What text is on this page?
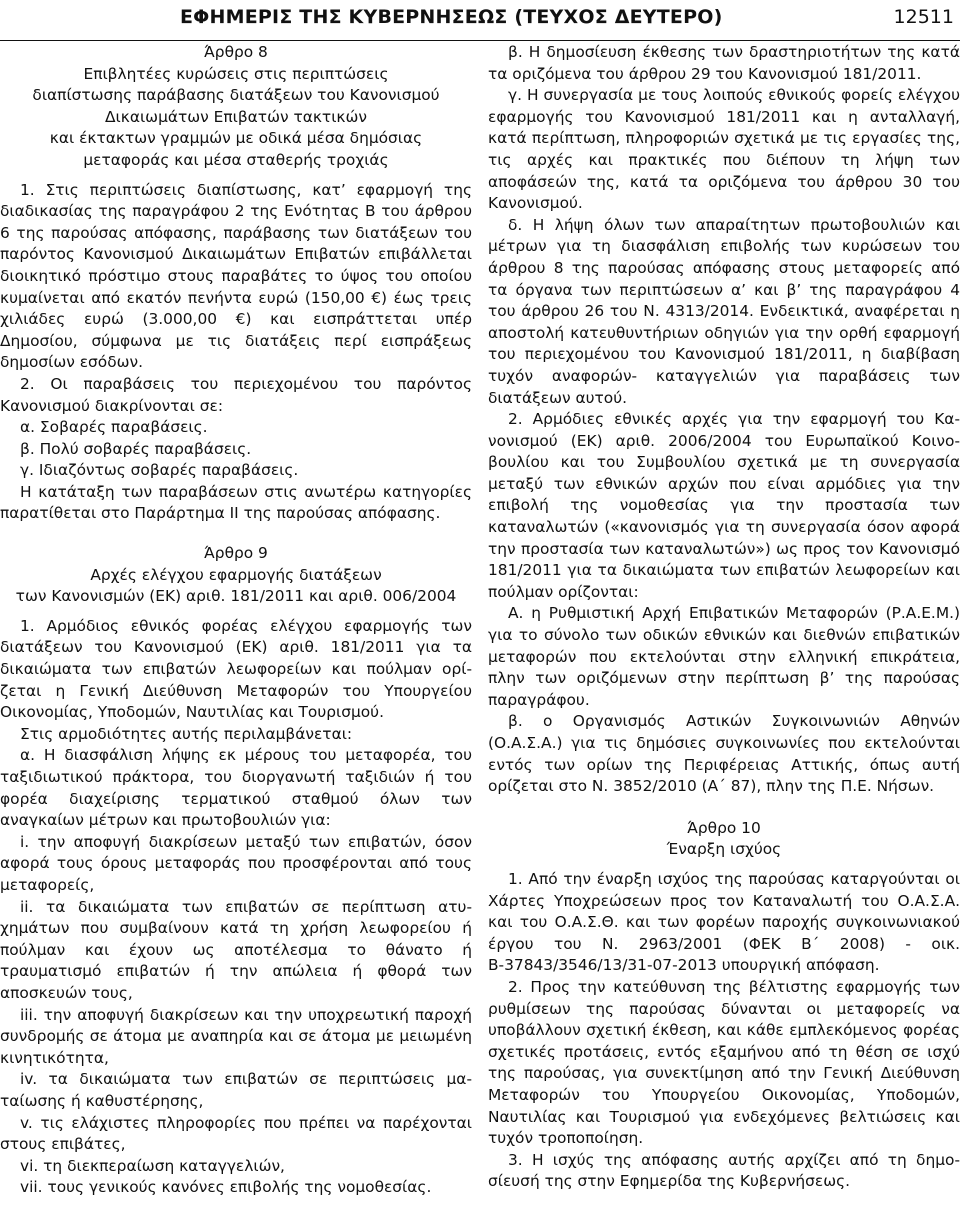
ΕΦΗΜΕΡΙΣ ΤΗΣ ΚΥΒΕΡΝΗΣΕΩΣ (ΤΕΥΧΟΣ ΔΕΥΤΕΡΟ)	12511

Άρθρο 8

Επιβλητέες κυρώσεις στις περιπτώσεις

διαπίστωσης παράβασης διατάξεων του Κανονισμού

Δικαιωμάτων Επιβατών τακτικών

και έκτακτων γραμμών με οδικά μέσα δημόσιας

μεταφοράς και μέσα σταθερής τροχιάς

1. Στις περιπτώσεις διαπίστωσης, κατ’ εφαρμογή της διαδικασίας της παραγράφου 2 της Ενότητας Β του άρθρου 6 της παρούσας απόφασης, παράβασης των διατάξεων του παρόντος Κανονισμού Δικαιωμάτων Επιβατών επιβάλλεται διοικητικό πρόστιμο στους παραβάτες το ύψος του οποίου κυμαίνεται από εκατόν πενήντα ευρώ (150,00 €) έως τρεις χιλιάδες ευρώ (3.000,00 €) και εισπράττεται υπέρ Δημοσίου, σύμφωνα με τις διατάξεις περί εισπράξεως δημοσίων εσόδων.

2. Οι παραβάσεις του περιεχομένου του παρόντος Κανονισμού διακρίνονται σε:

α. Σοβαρές παραβάσεις.

β. Πολύ σοβαρές παραβάσεις.

γ. Ιδιαζόντως σοβαρές παραβάσεις.

Η κατάταξη των παραβάσεων στις ανωτέρω κατηγορίες παρατίθεται στο Παράρτημα ΙΙ της παρούσας απόφασης.

Άρθρο 9

Αρχές ελέγχου εφαρμογής διατάξεων

των Κανονισμών (ΕΚ) αριθ. 181/2011 και αριθ. 006/2004

1. Αρμόδιος εθνικός φορέας ελέγχου εφαρμογής των διατάξεων του Κανονισμού (ΕΚ) αριθ. 181/2011 για τα δικαιώματα των επιβατών λεωφορείων και πούλμαν ορίζεται η Γενική Διεύθυνση Μεταφορών του Υπουργείου Οικονομίας, Υποδομών, Ναυτιλίας και Τουρισμού.

Στις αρμοδιότητες αυτής περιλαμβάνεται:

α. Η διασφάλιση λήψης εκ μέρους του μεταφορέα, του ταξιδιωτικού πράκτορα, του διοργανωτή ταξιδιών ή του φορέα διαχείρισης τερματικού σταθμού όλων των αναγκαίων μέτρων και πρωτοβουλιών για:

i. την αποφυγή διακρίσεων μεταξύ των επιβατών, όσον αφορά τους όρους μεταφοράς που προσφέρονται από τους μεταφορείς,

ii. τα δικαιώματα των επιβατών σε περίπτωση ατυχημάτων που συμβαίνουν κατά τη χρήση λεωφορείου ή πούλμαν και έχουν ως αποτέλεσμα το θάνατο ή τραυματισμό επιβατών ή την απώλεια ή φθορά των αποσκευών τους,

iii. την αποφυγή διακρίσεων και την υποχρεωτική παροχή συνδρομής σε άτομα με αναπηρία και σε άτομα με μειωμένη κινητικότητα,

iv. τα δικαιώματα των επιβατών σε περιπτώσεις ματαίωσης ή καθυστέρησης,

v. τις ελάχιστες πληροφορίες που πρέπει να παρέχονται στους επιβάτες,

vi. τη διεκπεραίωση καταγγελιών,

vii. τους γενικούς κανόνες επιβολής της νομοθεσίας.

β. Η δημοσίευση έκθεσης των δραστηριοτήτων της κατά τα οριζόμενα του άρθρου 29 του Κανονισμού 181/2011.

γ. Η συνεργασία με τους λοιπούς εθνικούς φορείς ελέγχου εφαρμογής του Κανονισμού 181/2011 και η ανταλλαγή, κατά περίπτωση, πληροφοριών σχετικά με τις εργασίες της, τις αρχές και πρακτικές που διέπουν τη λήψη των αποφάσεών της, κατά τα οριζόμενα του άρθρου 30 του Κανονισμού.

δ. Η λήψη όλων των απαραίτητων πρωτοβουλιών και μέτρων για τη διασφάλιση επιβολής των κυρώσεων του άρθρου 8 της παρούσας απόφασης στους μεταφορείς από τα όργανα των περιπτώσεων α’ και β’ της παραγράφου 4 του άρθρου 26 του Ν. 4313/2014. Ενδεικτικά, αναφέρεται η αποστολή κατευθυντήριων οδηγιών για την ορθή εφαρμογή του περιεχομένου του Κανονισμού 181/2011, η διαβίβαση τυχόν αναφορών- καταγγελιών για παραβάσεις των διατάξεων αυτού.

2. Αρμόδιες εθνικές αρχές για την εφαρμογή του Κανονισμού (ΕΚ) αριθ. 2006/2004 του Ευρωπαϊκού Κοινοβουλίου και του Συμβουλίου σχετικά με τη συνεργασία μεταξύ των εθνικών αρχών που είναι αρμόδιες για την επιβολή της νομοθεσίας για την προστασία των καταναλωτών («κανονισμός για τη συνεργασία όσον αφορά την προστασία των καταναλωτών») ως προς τον Κανονισμό 181/2011 για τα δικαιώματα των επιβατών λεωφορείων και πούλμαν ορίζονται:

Α. η Ρυθμιστική Αρχή Επιβατικών Μεταφορών (Ρ.Α.Ε.Μ.) για το σύνολο των οδικών εθνικών και διεθνών επιβατικών μεταφορών που εκτελούνται στην ελληνική επικράτεια, πλην των οριζόμενων στην περίπτωση β’ της παρούσας παραγράφου.

β. ο Οργανισμός Αστικών Συγκοινωνιών Αθηνών (Ο.Α.Σ.Α.) για τις δημόσιες συγκοινωνίες που εκτελούνται εντός των ορίων της Περιφέρειας Αττικής, όπως αυτή ορίζεται στο Ν. 3852/2010 (Α΄ 87), πλην της Π.Ε. Νήσων.

Άρθρο 10

Έναρξη ισχύος

1. Από την έναρξη ισχύος της παρούσας καταργούνται οι Χάρτες Υποχρεώσεων προς τον Καταναλωτή του Ο.Α.Σ.Α. και του Ο.Α.Σ.Θ. και των φορέων παροχής συγκοινωνιακού έργου του Ν. 2963/2001 (ΦΕΚ Β΄ 2008) - οικ. Β-37843/3546/13/31-07-2013 υπουργική απόφαση.

2. Προς την κατεύθυνση της βέλτιστης εφαρμογής των ρυθμίσεων της παρούσας δύνανται οι μεταφορείς να υποβάλλουν σχετική έκθεση, και κάθε εμπλεκόμενος φορέας σχετικές προτάσεις, εντός εξαμήνου από τη θέση σε ισχύ της παρούσας, για συνεκτίμηση από την Γενική Διεύθυνση Μεταφορών του Υπουργείου Οικονομίας, Υποδομών, Ναυτιλίας και Τουρισμού για ενδεχόμενες βελτιώσεις και τυχόν τροποποίηση.

3. Η ισχύς της απόφασης αυτής αρχίζει από τη δημοσίευσή της στην Εφημερίδα της Κυβερνήσεως.
